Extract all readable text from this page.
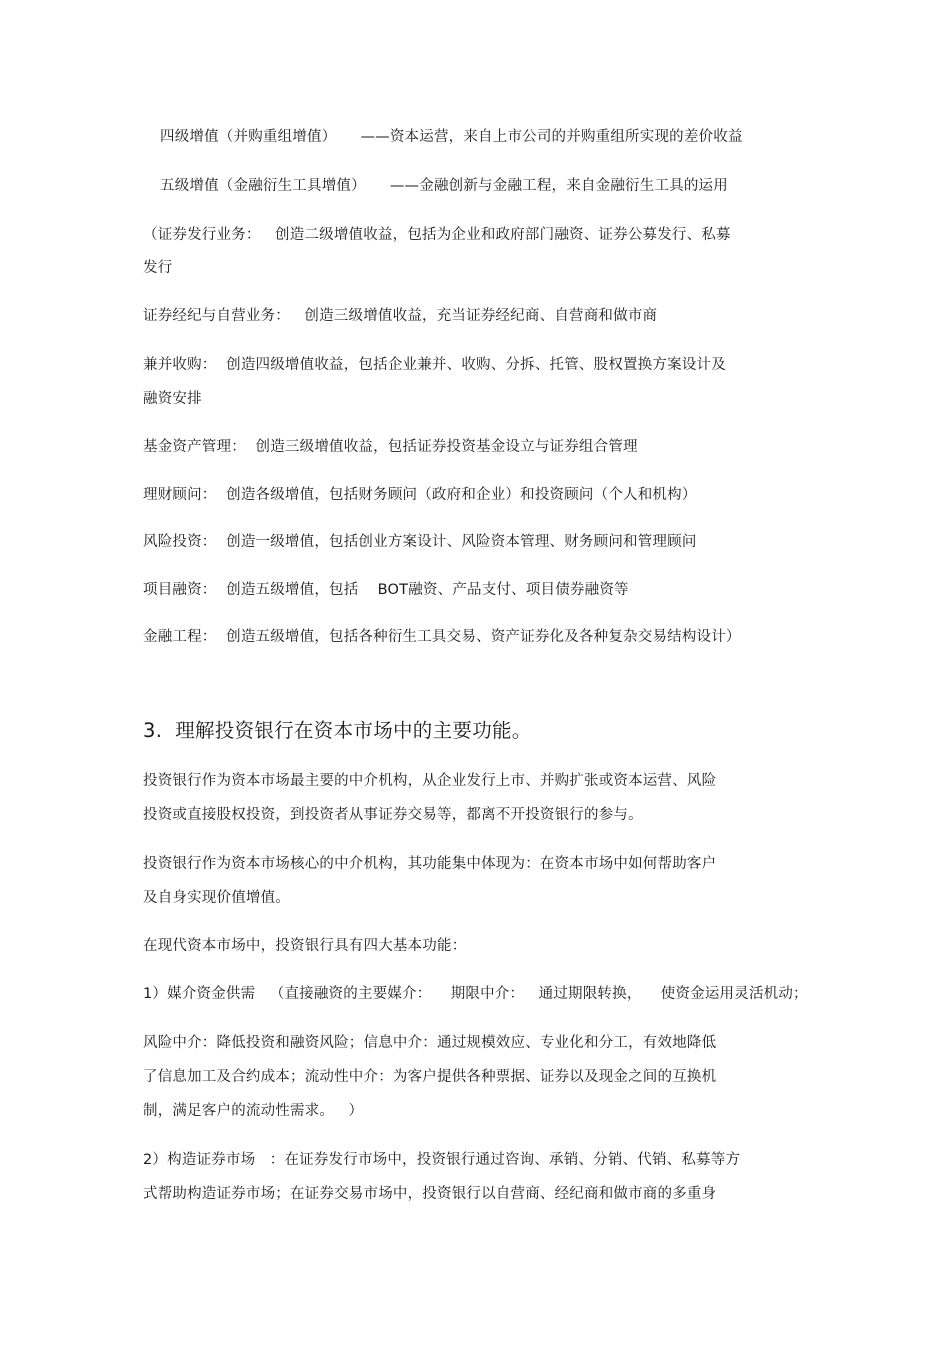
四级增值（并购重组增值）     ——资本运营，来自上市公司的并购重组所实现的差价收益
五级增值（金融衍生工具增值）     ——金融创新与金融工程，来自金融衍生工具的运用
（证券发行业务：   创造二级增值收益，包括为企业和政府部门融资、证券公募发行、私募
发行
证券经纪与自营业务：   创造三级增值收益，充当证券经纪商、自营商和做市商
兼并收购：  创造四级增值收益，包括企业兼并、收购、分拆、托管、股权置换方案设计及
融资安排
基金资产管理：  创造三级增值收益，包括证券投资基金设立与证券组合管理
理财顾问：  创造各级增值，包括财务顾问（政府和企业）和投资顾问（个人和机构）
风险投资：  创造一级增值，包括创业方案设计、风险资本管理、财务顾问和管理顾问
项目融资：  创造五级增值，包括    BOT融资、产品支付、项目债券融资等
金融工程：  创造五级增值，包括各种衍生工具交易、资产证券化及各种复杂交易结构设计）
3.  理解投资银行在资本市场中的主要功能。
投资银行作为资本市场最主要的中介机构，从企业发行上市、并购扩张或资本运营、风险
投资或直接股权投资，到投资者从事证券交易等，都离不开投资银行的参与。
投资银行作为资本市场核心的中介机构，其功能集中体现为：在资本市场中如何帮助客户
及自身实现价值增值。
在现代资本市场中，投资银行具有四大基本功能：
1）媒介资金供需   （直接融资的主要媒介：    期限中介：   通过期限转换，    使资金运用灵活机动；
风险中介：降低投资和融资风险；信息中介：通过规模效应、专业化和分工，有效地降低
了信息加工及合约成本；流动性中介：为客户提供各种票据、证券以及现金之间的互换机
制，满足客户的流动性需求。   ）
2）构造证券市场   ：在证券发行市场中，投资银行通过咨询、承销、分销、代销、私募等方
式帮助构造证券市场；在证券交易市场中，投资银行以自营商、经纪商和做市商的多重身
